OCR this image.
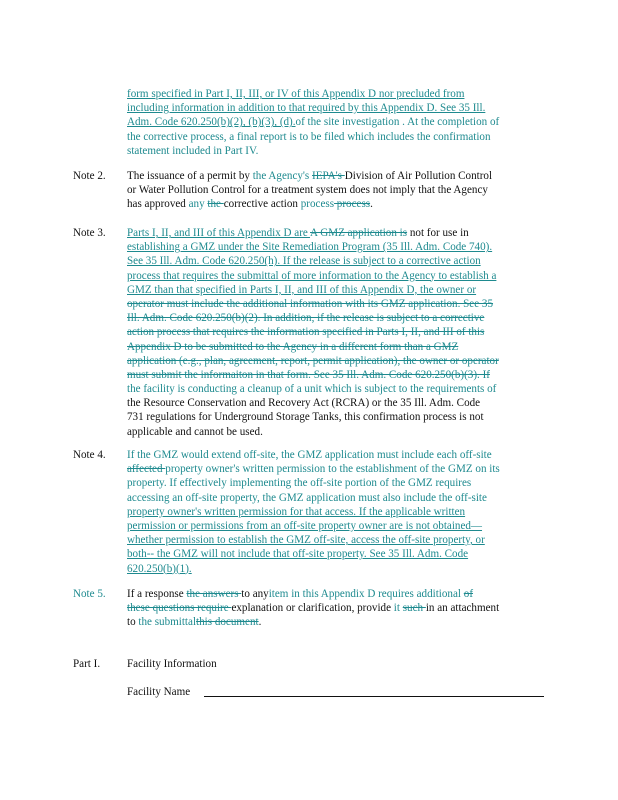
form specified in Part I, II, III, or IV of this Appendix D nor precluded from
including information in addition to that required by this Appendix D. See 35 Ill.
Adm. Code 620.250(b)(2), (b)(3), (d).of the site investigation . At the completion of
the corrective process, a final report is to be filed which includes the confirmation
statement included in Part IV.
Note 2. The issuance of a permit by the Agency's IEPA's Division of Air Pollution Control
or Water Pollution Control for a treatment system does not imply that the Agency
has approved any the corrective action process process.
Note 3. Parts I, II, and III of this Appendix D are A GMZ application is not for use in
establishing a GMZ under the Site Remediation Program (35 Ill. Adm. Code 740).
See 35 Ill. Adm. Code 620.250(h). If the release is subject to a corrective action
process that requires the submittal of more information to the Agency to establish a
GMZ than that specified in Parts I, II, and III of this Appendix D, the owner or
operator must include the additional information with its GMZ application. See 35
Ill. Adm. Code 620.250(b)(2). In addition, if the release is subject to a corrective
action process that requires the information specified in Parts I, II, and III of this
Appendix D to be submitted to the Agency in a different form than a GMZ
application (e.g., plan, agreement, report, permit application), the owner or operator
must submit the informaiton in that form. See 35 Ill. Adm. Code 620.250(b)(3). If
the facility is conducting a cleanup of a unit which is subject to the requirements of
the Resource Conservation and Recovery Act (RCRA) or the 35 Ill. Adm. Code
731 regulations for Underground Storage Tanks, this confirmation process is not
applicable and cannot be used.
Note 4. If the GMZ would extend off-site, the GMZ application must include each off-site
affected property owner's written permission to the establishment of the GMZ on its
property. If effectively implementing the off-site portion of the GMZ requires
accessing an off-site property, the GMZ application must also include the off-site
property owner's written permission for that access. If the applicable written
permission or permissions from an off-site property owner are is not obtained—
whether permission to establish the GMZ off-site, access the off-site property, or
both-- the GMZ will not include that off-site property. See 35 Ill. Adm. Code
620.250(b)(1).
Note 5. If a response the answers to anyitem in this Appendix D requires additional of
these questions require explanation or clarification, provide it such in an attachment
to the submittalthis document.
Part I. Facility Information
Facility Name
